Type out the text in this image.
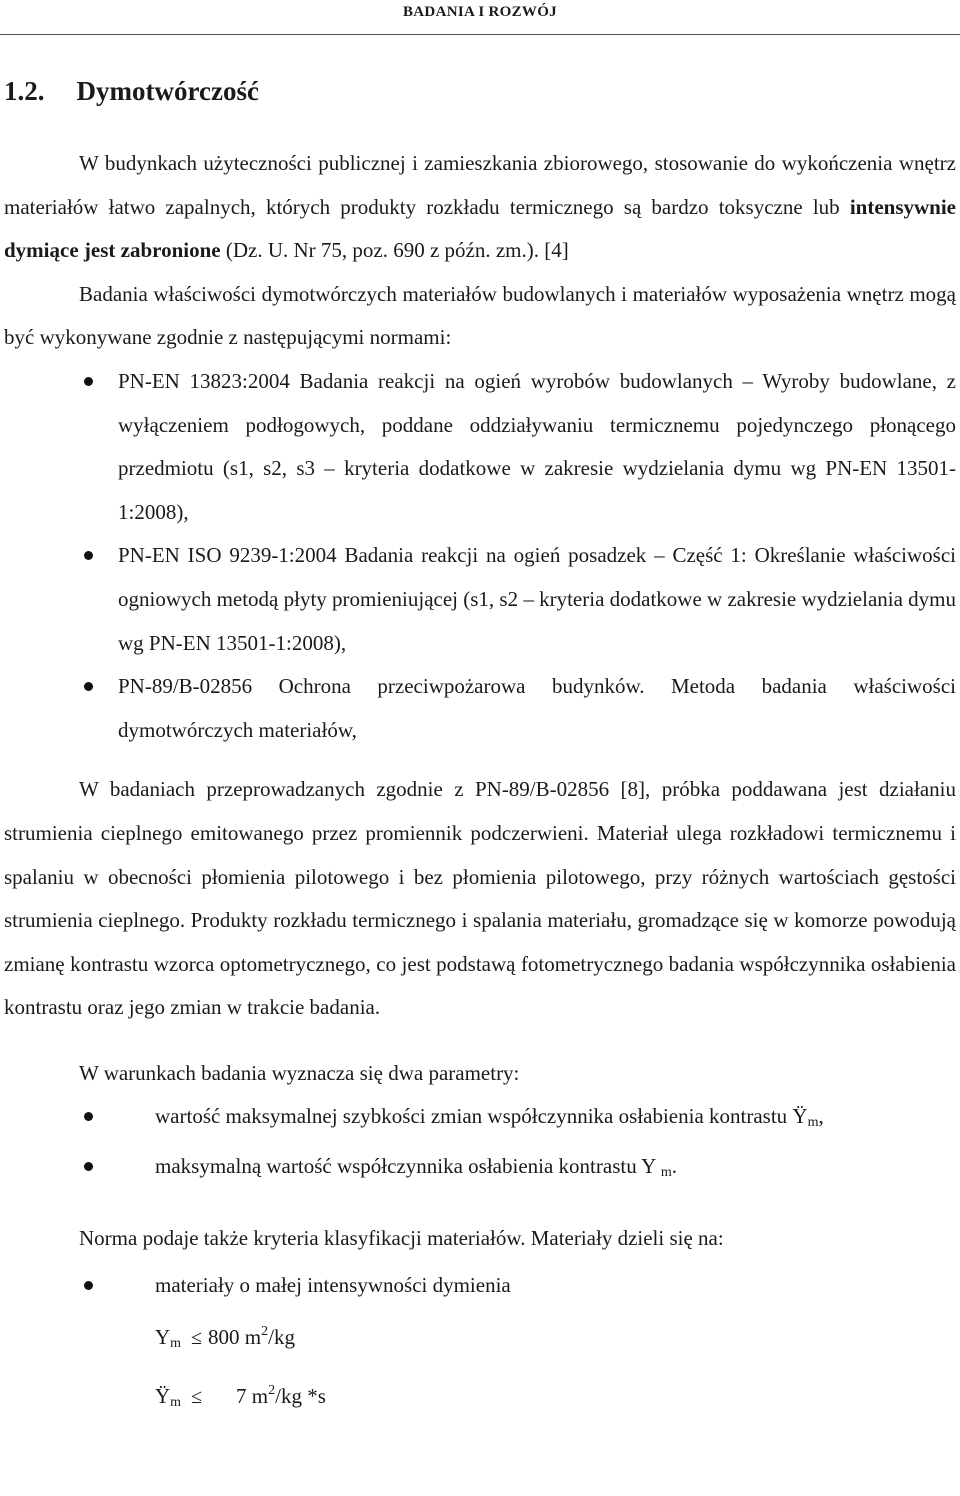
BADANIA I ROZWÓJ
1.2. Dymotwórczość

W budynkach użyteczności publicznej i zamieszkania zbiorowego, stosowanie do wykończenia wnętrz materiałów łatwo zapalnych, których produkty rozkładu termicznego są bardzo toksyczne lub intensywnie dymiące jest zabronione (Dz. U. Nr 75, poz. 690 z późn. zm.). [4]

Badania właściwości dymotwórczych materiałów budowlanych i materiałów wyposażenia wnętrz mogą być wykonywane zgodnie z następującymi normami:

PN-EN 13823:2004 Badania reakcji na ogień wyrobów budowlanych – Wyroby budowlane, z wyłączeniem podłogowych, poddane oddziaływaniu termicznemu pojedynczego płonącego przedmiotu (s1, s2, s3 – kryteria dodatkowe w zakresie wydzielania dymu wg PN-EN 13501-1:2008),
PN-EN ISO 9239-1:2004 Badania reakcji na ogień posadzek – Część 1: Określanie właściwości ogniowych metodą płyty promieniującej (s1, s2 – kryteria dodatkowe w zakresie wydzielania dymu wg PN-EN 13501-1:2008),
PN-89/B-02856 Ochrona przeciwpożarowa budynków. Metoda badania właściwości dymotwórczych materiałów,

W badaniach przeprowadzanych zgodnie z PN-89/B-02856 [8], próbka poddawana jest działaniu strumienia cieplnego emitowanego przez promiennik podczerwieni. Materiał ulega rozkładowi termicznemu i spalaniu w obecności płomienia pilotowego i bez płomienia pilotowego, przy różnych wartościach gęstości strumienia cieplnego. Produkty rozkładu termicznego i spalania materiału, gromadzące się w komorze powodują zmianę kontrastu wzorca optometrycznego, co jest podstawą fotometrycznego badania współczynnika osłabienia kontrastu oraz jego zmian w trakcie badania.

W warunkach badania wyznacza się dwa parametry:

wartość maksymalnej szybkości zmian współczynnika osłabienia kontrastu $Ÿ_m$,
maksymalną wartość współczynnika osłabienia kontrastu Y $_m$.

Norma podaje także kryteria klasyfikacji materiałów. Materiały dzieli się na:

materiały o małej intensywności dymienia
$Y_m \le 800$ $m^2/kg$
$Ÿ_m \le 7$ $m^2/kg$ *s
